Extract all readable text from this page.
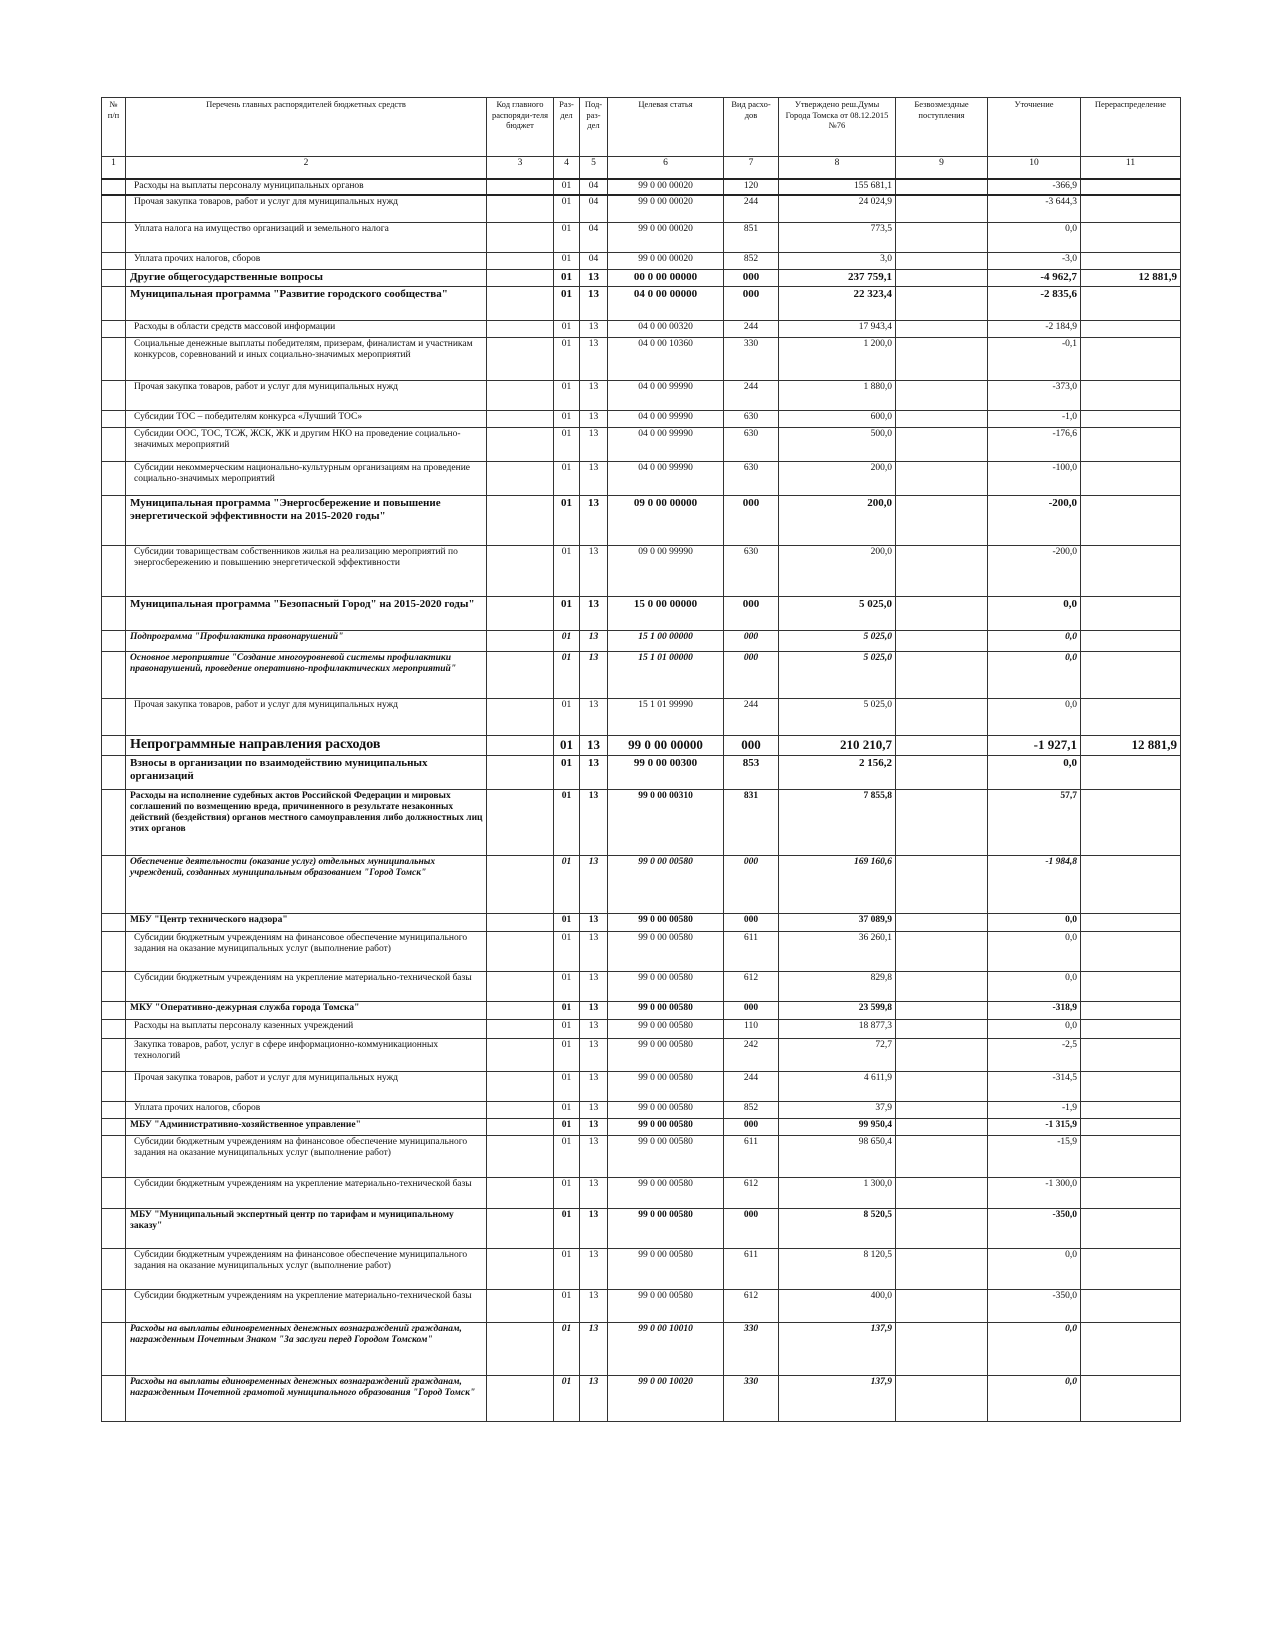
№ п/п	Перечень главных распорядителей бюджетных средств	Код главного распоряди-теля бюджет	Раз-дел	Под-раз-дел	Целевая статья	Вид расхо-дов	Утверждено реш.Думы Города Томска от 08.12.2015 №76	Безвозмездные поступления	Уточнение	Перераспределение
1	2	3	4	5	6	7	8	9	10	11
	Расходы на выплаты персоналу муниципальных органов		01	04	99 0 00 00020	120	155 681,1		-366,9	
	Прочая закупка товаров, работ и услуг для муниципальных нужд		01	04	99 0 00 00020	244	24 024,9		-3 644,3	
	Уплата налога на имущество организаций и земельного налога		01	04	99 0 00 00020	851	773,5		0,0	
	Уплата прочих налогов, сборов		01	04	99 0 00 00020	852	3,0		-3,0	
	Другие общегосударственные вопросы		01	13	00 0 00 00000	000	237 759,1		-4 962,7	12 881,9
	Муниципальная программа "Развитие городского сообщества"		01	13	04 0 00 00000	000	22 323,4		-2 835,6	
	Расходы в области средств массовой информации		01	13	04 0 00 00320	244	17 943,4		-2 184,9	
	Социальные денежные выплаты победителям, призерам, финалистам и участникам конкурсов, соревнований и иных социально-значимых мероприятий		01	13	04 0 00 10360	330	1 200,0		-0,1	
	Прочая закупка товаров, работ и услуг для муниципальных нужд		01	13	04 0 00 99990	244	1 880,0		-373,0	
	Субсидии ТОС – победителям конкурса «Лучший ТОС»		01	13	04 0 00 99990	630	600,0		-1,0	
	Субсидии ООС, ТОС, ТСЖ, ЖСК, ЖК и другим НКО на проведение социально-значимых мероприятий		01	13	04 0 00 99990	630	500,0		-176,6	
	Субсидии некоммерческим национально-культурным организациям на проведение социально-значимых мероприятий		01	13	04 0 00 99990	630	200,0		-100,0	
	Муниципальная программа "Энергосбережение и повышение энергетической эффективности на 2015-2020 годы"		01	13	09 0 00 00000	000	200,0		-200,0	
	Субсидии товариществам собственников жилья на реализацию мероприятий по энергосбережению и повышению энергетической эффективности		01	13	09 0 00 99990	630	200,0		-200,0	
	Муниципальная программа "Безопасный Город" на 2015-2020 годы"		01	13	15 0 00 00000	000	5 025,0		0,0	
	Подпрограмма "Профилактика правонарушений"		01	13	15 1 00 00000	000	5 025,0		0,0	
	Основное мероприятие "Создание многоуровневой системы профилактики правонарушений, проведение оперативно-профилактических мероприятий"		01	13	15 1 01 00000	000	5 025,0		0,0	
	Прочая закупка товаров, работ и услуг для муниципальных нужд		01	13	15 1 01 99990	244	5 025,0		0,0	
	Непрограммные направления расходов		01	13	99 0 00 00000	000	210 210,7		-1 927,1	12 881,9
	Взносы в организации по взаимодействию муниципальных организаций		01	13	99 0 00 00300	853	2 156,2		0,0	
	Расходы на исполнение судебных актов Российской Федерации и мировых соглашений по возмещению вреда, причиненного в результате незаконных действий (бездействия) органов местного самоуправления либо должностных лиц этих органов		01	13	99 0 00 00310	831	7 855,8		57,7	
	Обеспечение деятельности (оказание услуг) отдельных муниципальных учреждений, созданных муниципальным образованием "Город Томск"		01	13	99 0 00 00580	000	169 160,6		-1 984,8	
	МБУ "Центр технического надзора"		01	13	99 0 00 00580	000	37 089,9		0,0	
	Субсидии бюджетным учреждениям на финансовое обеспечение муниципального задания на оказание муниципальных услуг (выполнение работ)		01	13	99 0 00 00580	611	36 260,1		0,0	
	Субсидии бюджетным учреждениям на укрепление материально-технической базы		01	13	99 0 00 00580	612	829,8		0,0	
	МКУ "Оперативно-дежурная служба города Томска"		01	13	99 0 00 00580	000	23 599,8		-318,9	
	Расходы на выплаты персоналу казенных учреждений		01	13	99 0 00 00580	110	18 877,3		0,0	
	Закупка товаров, работ, услуг в сфере информационно-коммуникационных технологий		01	13	99 0 00 00580	242	72,7		-2,5	
	Прочая закупка товаров, работ и услуг для муниципальных нужд		01	13	99 0 00 00580	244	4 611,9		-314,5	
	Уплата прочих налогов, сборов		01	13	99 0 00 00580	852	37,9		-1,9	
	МБУ "Административно-хозяйственное управление"		01	13	99 0 00 00580	000	99 950,4		-1 315,9	
	Субсидии бюджетным учреждениям на финансовое обеспечение муниципального задания на оказание муниципальных услуг (выполнение работ)		01	13	99 0 00 00580	611	98 650,4		-15,9	
	Субсидии бюджетным учреждениям на укрепление материально-технической базы		01	13	99 0 00 00580	612	1 300,0		-1 300,0	
	МБУ "Муниципальный экспертный центр по тарифам и муниципальному заказу"		01	13	99 0 00 00580	000	8 520,5		-350,0	
	Субсидии бюджетным учреждениям на финансовое обеспечение муниципального задания на оказание муниципальных услуг (выполнение работ)		01	13	99 0 00 00580	611	8 120,5		0,0	
	Субсидии бюджетным учреждениям на укрепление материально-технической базы		01	13	99 0 00 00580	612	400,0		-350,0	
	Расходы на выплаты единовременных денежных вознаграждений гражданам, награжденным Почетным Знаком "За заслуги перед Городом Томском"		01	13	99 0 00 10010	330	137,9		0,0	
	Расходы на выплаты единовременных денежных вознаграждений гражданам, награжденным Почетной грамотой муниципального образования "Город Томск"		01	13	99 0 00 10020	330	137,9		0,0	
